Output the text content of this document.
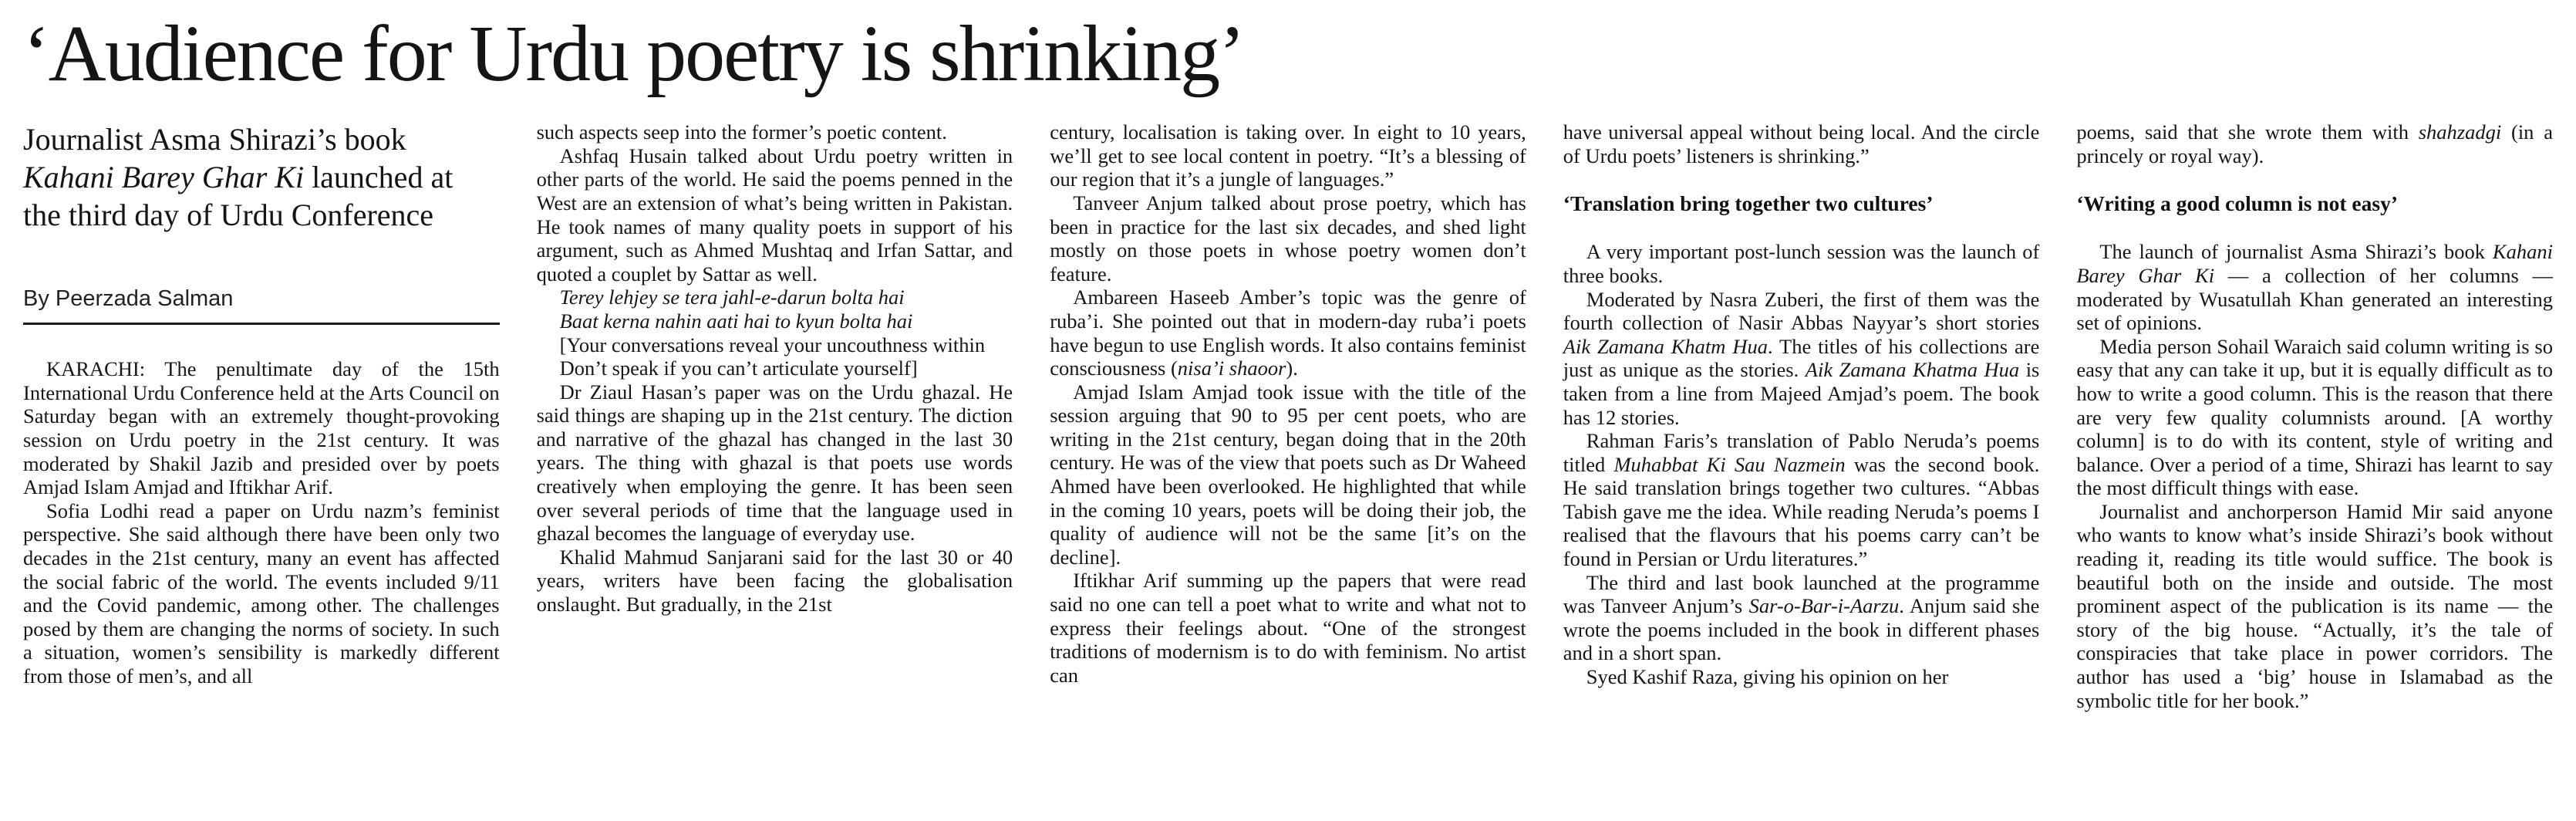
‘Audience for Urdu poetry is shrinking’
Journalist Asma Shirazi’s book Kahani Barey Ghar Ki launched at the third day of Urdu Conference
By Peerzada Salman

KARACHI: The penultimate day of the 15th International Urdu Conference held at the Arts Council on Saturday began with an extremely thought-provoking session on Urdu poetry in the 21st century. It was moderated by Shakil Jazib and presided over by poets Amjad Islam Amjad and Iftikhar Arif.

Sofia Lodhi read a paper on Urdu nazm’s feminist perspective. She said although there have been only two decades in the 21st century, many an event has affected the social fabric of the world. The events included 9/11 and the Covid pandemic, among other. The challenges posed by them are changing the norms of society. In such a situation, women’s sensibility is markedly different from those of men’s, and all

such aspects seep into the former’s poetic content.

Ashfaq Husain talked about Urdu poetry written in other parts of the world. He said the poems penned in the West are an extension of what’s being written in Pakistan. He took names of many quality poets in support of his argument, such as Ahmed Mushtaq and Irfan Sattar, and quoted a couplet by Sattar as well.

Terey lehjey se tera jahl-e-darun bolta hai

Baat kerna nahin aati hai to kyun bolta hai

[Your conversations reveal your uncouthness within

Don’t speak if you can’t articulate yourself]

Dr Ziaul Hasan’s paper was on the Urdu ghazal. He said things are shaping up in the 21st century. The diction and narrative of the ghazal has changed in the last 30 years. The thing with ghazal is that poets use words creatively when employing the genre. It has been seen over several periods of time that the language used in ghazal becomes the language of everyday use.

Khalid Mahmud Sanjarani said for the last 30 or 40 years, writers have been facing the globalisation onslaught. But gradually, in the 21st

century, localisation is taking over. In eight to 10 years, we’ll get to see local content in poetry. “It’s a blessing of our region that it’s a jungle of languages.”

Tanveer Anjum talked about prose poetry, which has been in practice for the last six decades, and shed light mostly on those poets in whose poetry women don’t feature.

Ambareen Haseeb Amber’s topic was the genre of ruba’i. She pointed out that in modern-day ruba’i poets have begun to use English words. It also contains feminist consciousness (nisa’i shaoor).

Amjad Islam Amjad took issue with the title of the session arguing that 90 to 95 per cent poets, who are writing in the 21st century, began doing that in the 20th century. He was of the view that poets such as Dr Waheed Ahmed have been overlooked. He highlighted that while in the coming 10 years, poets will be doing their job, the quality of audience will not be the same [it’s on the decline].

Iftikhar Arif summing up the papers that were read said no one can tell a poet what to write and what not to express their feelings about. “One of the strongest traditions of modernism is to do with feminism. No artist can

have universal appeal without being local. And the circle of Urdu poets’ listeners is shrinking.”

‘Translation bring together two cultures’

A very important post-lunch session was the launch of three books.

Moderated by Nasra Zuberi, the first of them was the fourth collection of Nasir Abbas Nayyar’s short stories Aik Zamana Khatm Hua. The titles of his collections are just as unique as the stories. Aik Zamana Khatma Hua is taken from a line from Majeed Amjad’s poem. The book has 12 stories.

Rahman Faris’s translation of Pablo Neruda’s poems titled Muhabbat Ki Sau Nazmein was the second book. He said translation brings together two cultures. “Abbas Tabish gave me the idea. While reading Neruda’s poems I realised that the flavours that his poems carry can’t be found in Persian or Urdu literatures.”

The third and last book launched at the programme was Tanveer Anjum’s Sar-o-Bar-i-Aarzu. Anjum said she wrote the poems included in the book in different phases and in a short span.

Syed Kashif Raza, giving his opinion on her

poems, said that she wrote them with shahzadgi (in a princely or royal way).

‘Writing a good column is not easy’

The launch of journalist Asma Shirazi’s book Kahani Barey Ghar Ki — a collection of her columns — moderated by Wusatullah Khan generated an interesting set of opinions.

Media person Sohail Waraich said column writing is so easy that any can take it up, but it is equally difficult as to how to write a good column. This is the reason that there are very few quality columnists around. [A worthy column] is to do with its content, style of writing and balance. Over a period of a time, Shirazi has learnt to say the most difficult things with ease.

Journalist and anchorperson Hamid Mir said anyone who wants to know what’s inside Shirazi’s book without reading it, reading its title would suffice. The book is beautiful both on the inside and outside. The most prominent aspect of the publication is its name — the story of the big house. “Actually, it’s the tale of conspiracies that take place in power corridors. The author has used a ‘big’ house in Islamabad as the symbolic title for her book.”
